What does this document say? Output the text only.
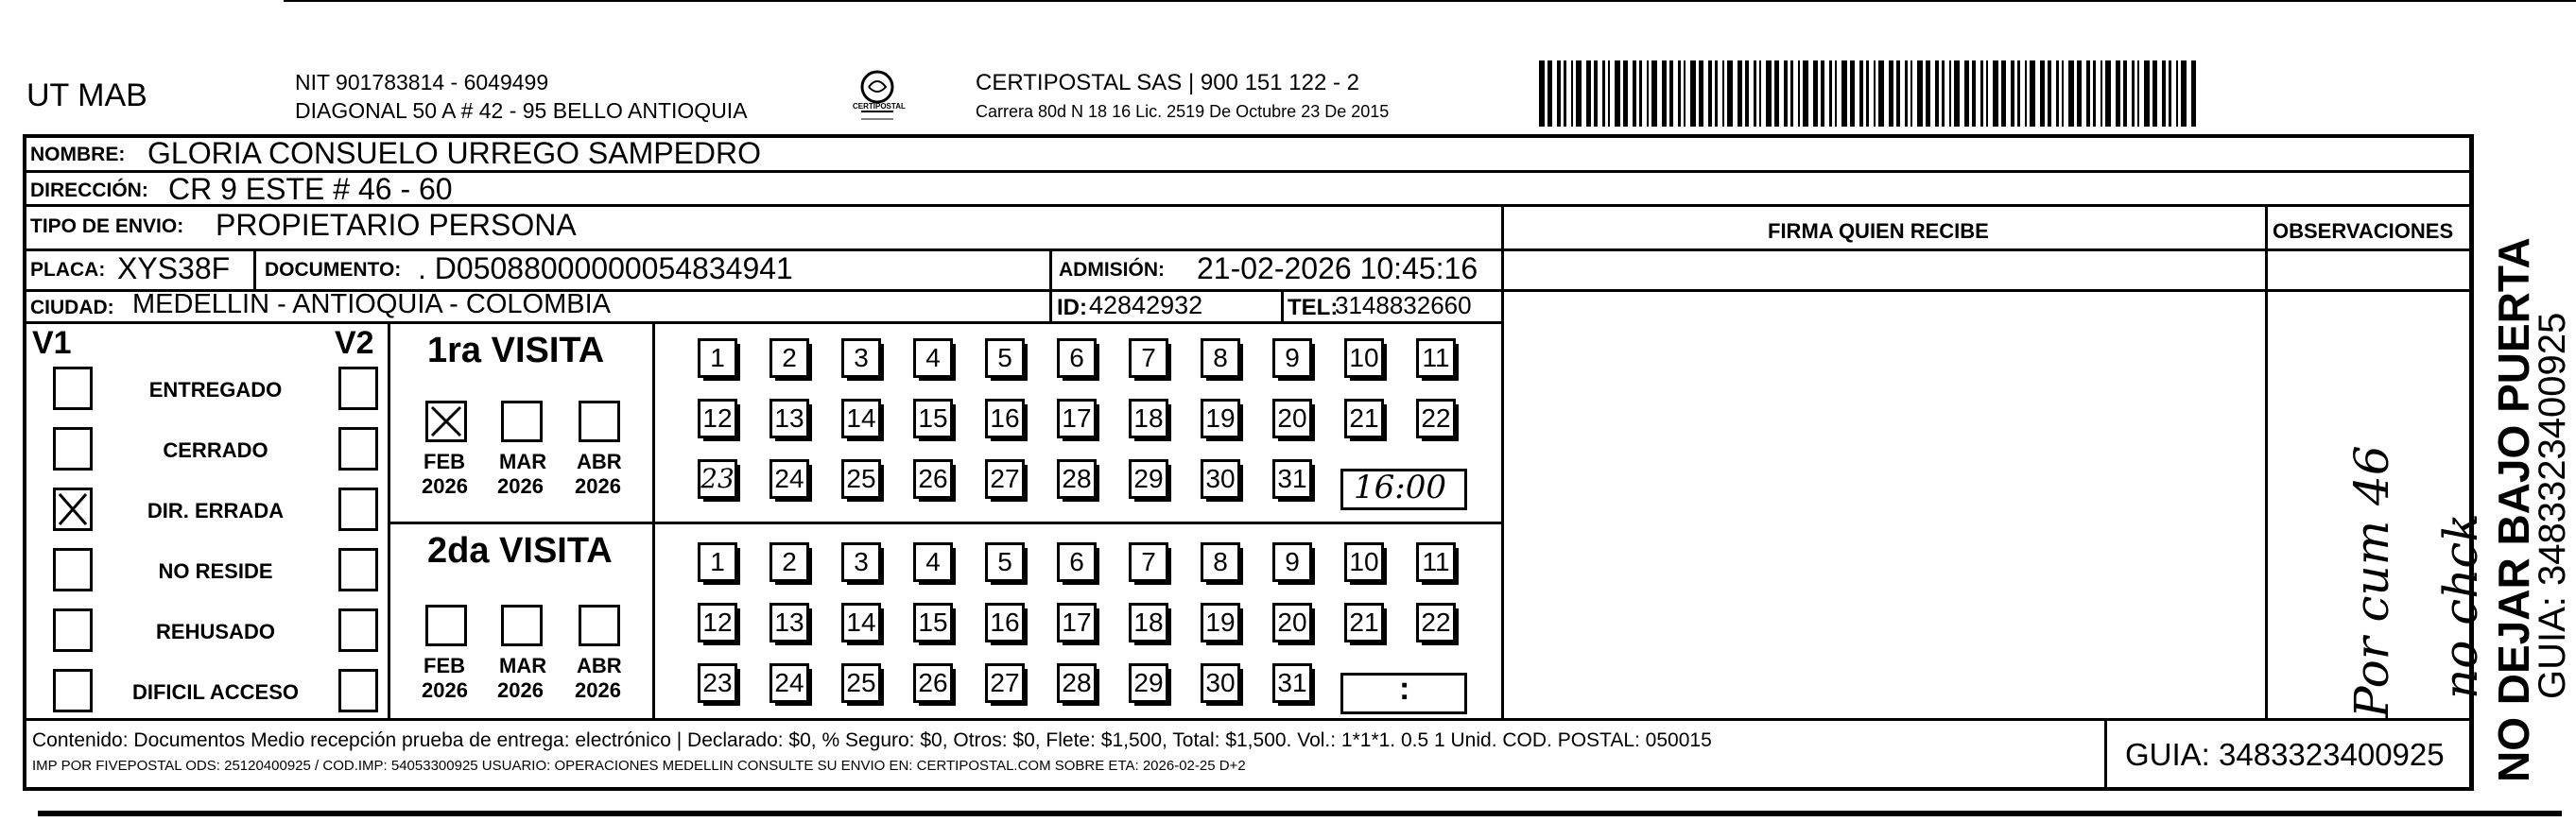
UT MAB	NIT 901783814 - 6049499
DIAGONAL 50 A # 42 - 95 BELLO ANTIOQUIA	CERTIPOSTAL
CERTIPOSTAL SAS | 900 151 122 - 2
Carrera 80d N 18 16 Lic. 2519 De Octubre 23 De 2015
NOMBRE: GLORIA CONSUELO URREGO SAMPEDRO
DIRECCIÓN: CR 9 ESTE # 46 - 60
TIPO DE ENVIO: PROPIETARIO PERSONA	FIRMA QUIEN RECIBE	OBSERVACIONES
PLACA: XYS38F DOCUMENTO: . D05088000000054834941	ADMISIÓN: 21-02-2026 10:45:16
CIUDAD: MEDELLIN - ANTIOQUIA - COLOMBIA	ID: 42842932	TEL:
3148832660
V1	V2
ENTREGADO
CERRADO
DIR. ERRADA
NO RESIDE
REHUSADO
DIFICIL ACCESO
1ra VISITA
2da VISITA
FEB
2026
MAR
2026
ABR
2026
FEB
2026
MAR
2026
ABR
2026
1	2	3	4	5	6	7	8	9	10 11
12 13 14 15 16 17 18 19 20 21 22
23 24 25 26 27 28 29 30 31
1	2	3	4	5	6	7	8	9	10 11
12 13 14 15 16 17 18 19 20 21 22
23 24 25 26 27 28 29 30 31
16:00
:	Por cum 46 no chck NO DEJAR BAJO PUERTA
GUIA: 3483323400925
Contenido: Documentos Medio recepción prueba de entrega: electrónico | Declarado: $0, % Seguro: $0, Otros: $0, Flete: $1,500, Total: $1,500. Vol.: 1*1*1. 0.5 1 Unid. COD. POSTAL: 050015
IMP POR FIVEPOSTAL ODS: 25120400925 / COD.IMP: 54053300925 USUARIO: OPERACIONES MEDELLIN CONSULTE SU ENVIO EN: CERTIPOSTAL.COM SOBRE ETA: 2026-02-25 D+2	GUIA: 3483323400925
